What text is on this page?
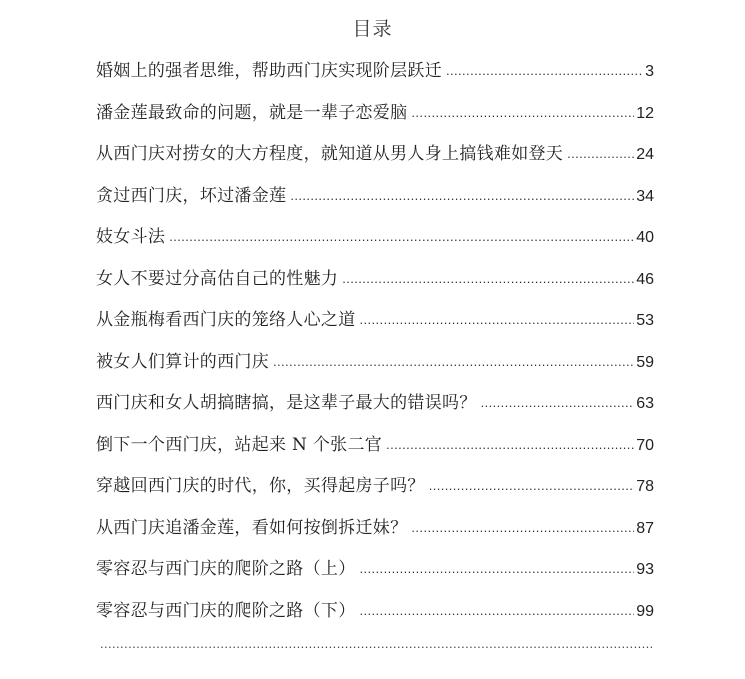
目录
婚姻上的强者思维，帮助西门庆实现阶层跃迁 .....	3
潘金莲最致命的问题，就是一辈子恋爱脑 .....	12
从西门庆对捞女的大方程度，就知道从男人身上搞钱难如登天 .....	24
贪过西门庆，坏过潘金莲 .....	34
妓女斗法 .....	40
女人不要过分高估自己的性魅力 .....	46
从金瓶梅看西门庆的笼络人心之道 .....	53
被女人们算计的西门庆 .....	59
西门庆和女人胡搞瞎搞，是这辈子最大的错误吗？ .....	63
倒下一个西门庆，站起来 N 个张二官 .....	70
穿越回西门庆的时代，你，买得起房子吗？ .....	78
从西门庆追潘金莲，看如何按倒拆迁妹？ .....	87
零容忍与西门庆的爬阶之路（上） .....	93
零容忍与西门庆的爬阶之路（下） .....	99
.....
